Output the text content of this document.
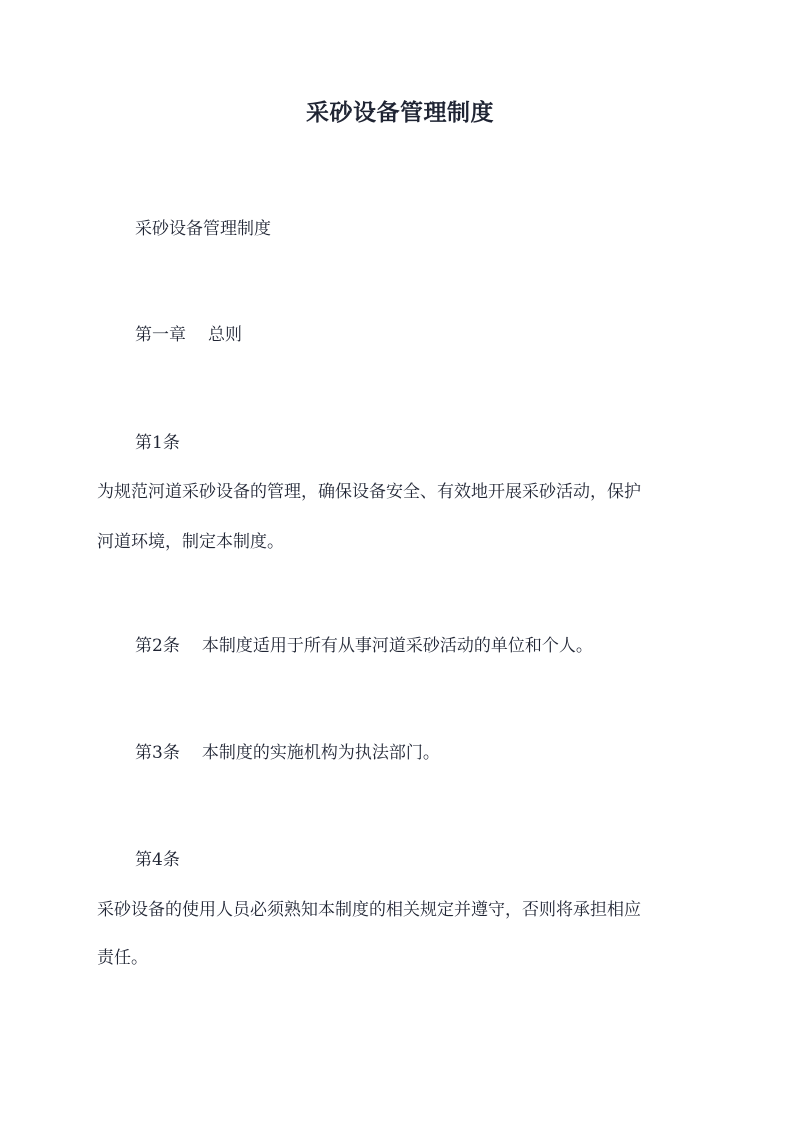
采砂设备管理制度

采砂设备管理制度

第一章 总则

第1条

为规范河道采砂设备的管理，确保设备安全、有效地开展采砂活动，保护

河道环境，制定本制度。

第2条 本制度适用于所有从事河道采砂活动的单位和个人。

第3条 本制度的实施机构为执法部门。

第4条

采砂设备的使用人员必须熟知本制度的相关规定并遵守，否则将承担相应

责任。
